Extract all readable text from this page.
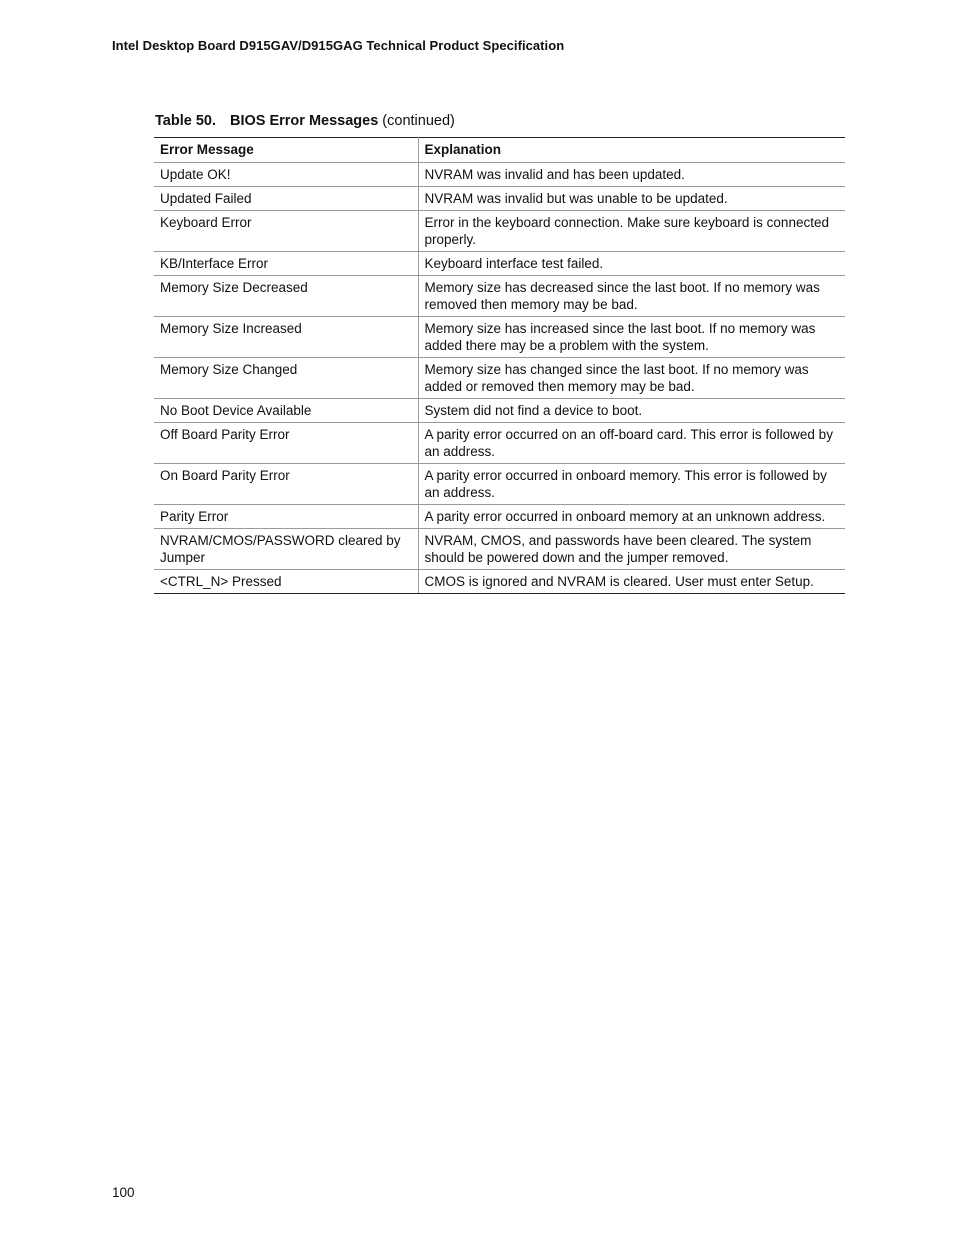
Intel Desktop Board D915GAV/D915GAG Technical Product Specification
Table 50. BIOS Error Messages (continued)
Error Message	Explanation
Update OK!	NVRAM was invalid and has been updated.
Updated Failed	NVRAM was invalid but was unable to be updated.
Keyboard Error	Error in the keyboard connection. Make sure keyboard is connected properly.
KB/Interface Error	Keyboard interface test failed.
Memory Size Decreased	Memory size has decreased since the last boot. If no memory was removed then memory may be bad.
Memory Size Increased	Memory size has increased since the last boot. If no memory was added there may be a problem with the system.
Memory Size Changed	Memory size has changed since the last boot. If no memory was added or removed then memory may be bad.
No Boot Device Available	System did not find a device to boot.
Off Board Parity Error	A parity error occurred on an off-board card. This error is followed by an address.
On Board Parity Error	A parity error occurred in onboard memory. This error is followed by an address.
Parity Error	A parity error occurred in onboard memory at an unknown address.
NVRAM/CMOS/PASSWORD cleared by Jumper	NVRAM, CMOS, and passwords have been cleared. The system should be powered down and the jumper removed.
<CTRL_N> Pressed	CMOS is ignored and NVRAM is cleared. User must enter Setup.
100
